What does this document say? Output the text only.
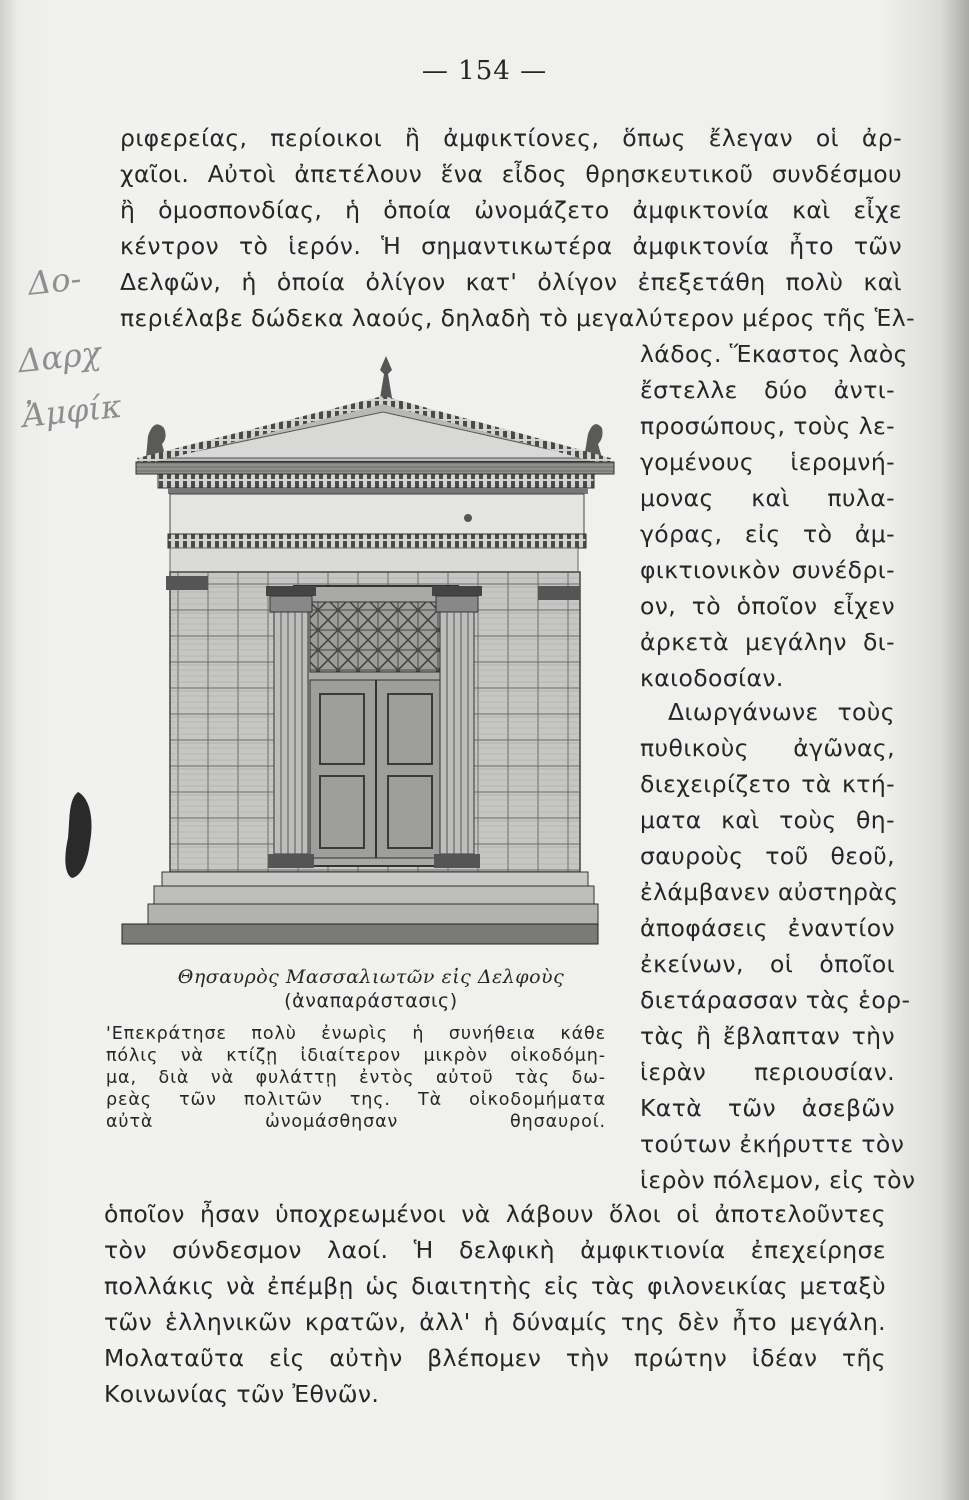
— 154 —
ριφερείας, περίοικοι ἢ ἀμφικτίονες, ὅπως ἔλεγαν οἱ ἀρ-
χαῖοι. Αὐτοὶ ἀπετέλουν ἕνα εἶδος θρησκευτικοῦ συνδέσμου
ἢ ὁμοσπονδίας, ἡ ὁποία ὠνομάζετο ἀμφικτονία καὶ εἶχε
κέντρον τὸ ἱερόν. Ἡ σημαντικωτέρα ἀμφικτονία ἦτο τῶν
Δελφῶν, ἡ ὁποία ὀλίγον κατ' ὀλίγον ἐπεξετάθη πολὺ καὶ
περιέλαβε δώδεκα λαούς, δηλαδὴ τὸ μεγαλύτερον μέρος τῆς Ἑλ-
Δο-
Δαρχ
Ἀμφίκ
Θησαυρὸς Μασσαλιωτῶν εἰς Δελφοὺς
(ἀναπαράστασις)
'Επεκράτησε πολὺ ἐνωρὶς ἡ συνήθεια κάθε
πόλις νὰ κτίζῃ ἰδιαίτερον μικρὸν οἰκοδόμη-
μα, διὰ νὰ φυλάττῃ ἐντὸς αὐτοῦ τὰς δω-
ρεὰς τῶν πολιτῶν της. Τὰ οἰκοδομήματα
αὐτὰ ὠνομάσθησαν θησαυροί.
λάδος. Ἕκαστος λαὸς
ἔστελλε δύο ἀντι-
προσώπους, τοὺς λε-
γομένους ἱερομνή-
μονας καὶ πυλα-
γόρας, εἰς τὸ ἀμ-
φικτιονικὸν συνέδρι-
ον, τὸ ὁποῖον εἶχεν
ἀρκετὰ μεγάλην δι-
καιοδοσίαν.
Διωργάνωνε τοὺς
πυθικοὺς ἀγῶνας,
διεχειρίζετο τὰ κτή-
ματα καὶ τοὺς θη-
σαυροὺς τοῦ θεοῦ,
ἐλάμβανεν αὐστηρὰς
ἀποφάσεις ἐναντίον
ἐκείνων, οἱ ὁποῖοι
διετάρασσαν τὰς ἑορ-
τὰς ἢ ἔβλαπταν τὴν
ἱερὰν περιουσίαν.
Κατὰ τῶν ἀσεβῶν
τούτων ἐκήρυττε τὸν
ἱερὸν πόλεμον, εἰς τὸν
ὁποῖον ἦσαν ὑποχρεωμένοι νὰ λάβουν ὅλοι οἱ ἀποτελοῦντες
τὸν σύνδεσμον λαοί. Ἡ δελφικὴ ἀμφικτιονία ἐπεχείρησε
πολλάκις νὰ ἐπέμβῃ ὡς διαιτητὴς εἰς τὰς φιλονεικίας μεταξὺ
τῶν ἑλληνικῶν κρατῶν, ἀλλ' ἡ δύναμίς της δὲν ἦτο μεγάλη.
Μολαταῦτα εἰς αὐτὴν βλέπομεν τὴν πρώτην ἰδέαν τῆς
Κοινωνίας τῶν Ἐθνῶν.
